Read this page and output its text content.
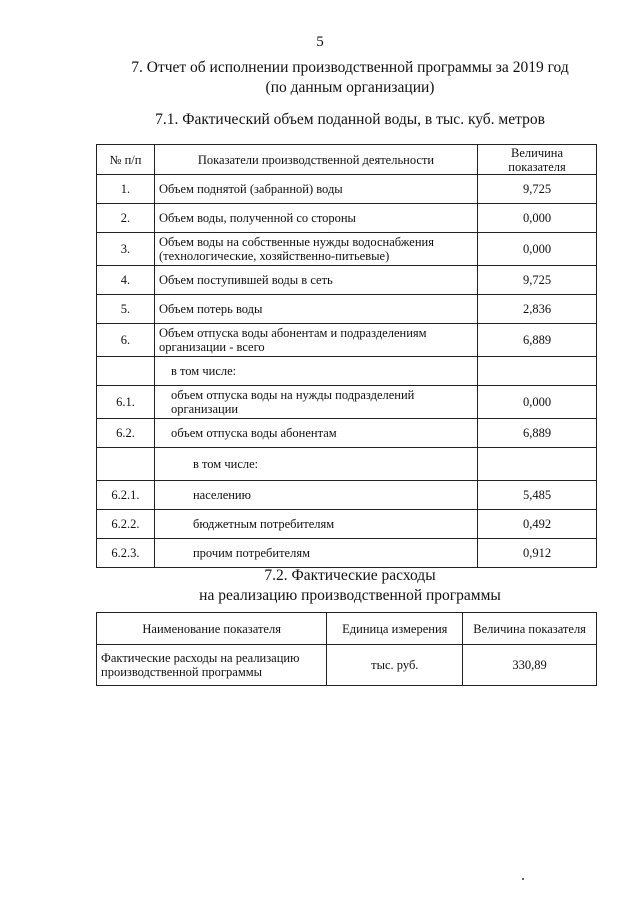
5
7. Отчет об исполнении производственной программы за 2019 год
(по данным организации)
7.1. Фактический объем поданной воды, в тыс. куб. метров
№ п/п	Показатели производственной деятельности	Величина показателя
1.	Объем поднятой (забранной) воды	9,725
2.	Объем воды, полученной со стороны	0,000
3.	Объем воды на собственные нужды водоснабжения (технологические, хозяйственно-питьевые)	0,000
4.	Объем поступившей воды в сеть	9,725
5.	Объем потерь воды	2,836
6.	Объем отпуска воды абонентам и подразделениям организации - всего	6,889
	в том числе:	
6.1.	объем отпуска воды на нужды подразделений организации	0,000
6.2.	объем отпуска воды абонентам	6,889
	в том числе:	
6.2.1.	населению	5,485
6.2.2.	бюджетным потребителям	0,492
6.2.3.	прочим потребителям	0,912
7.2. Фактические расходы
на реализацию производственной программы
Наименование показателя	Единица измерения	Величина показателя
Фактические расходы на реализацию производственной программы	тыс. руб.	330,89
